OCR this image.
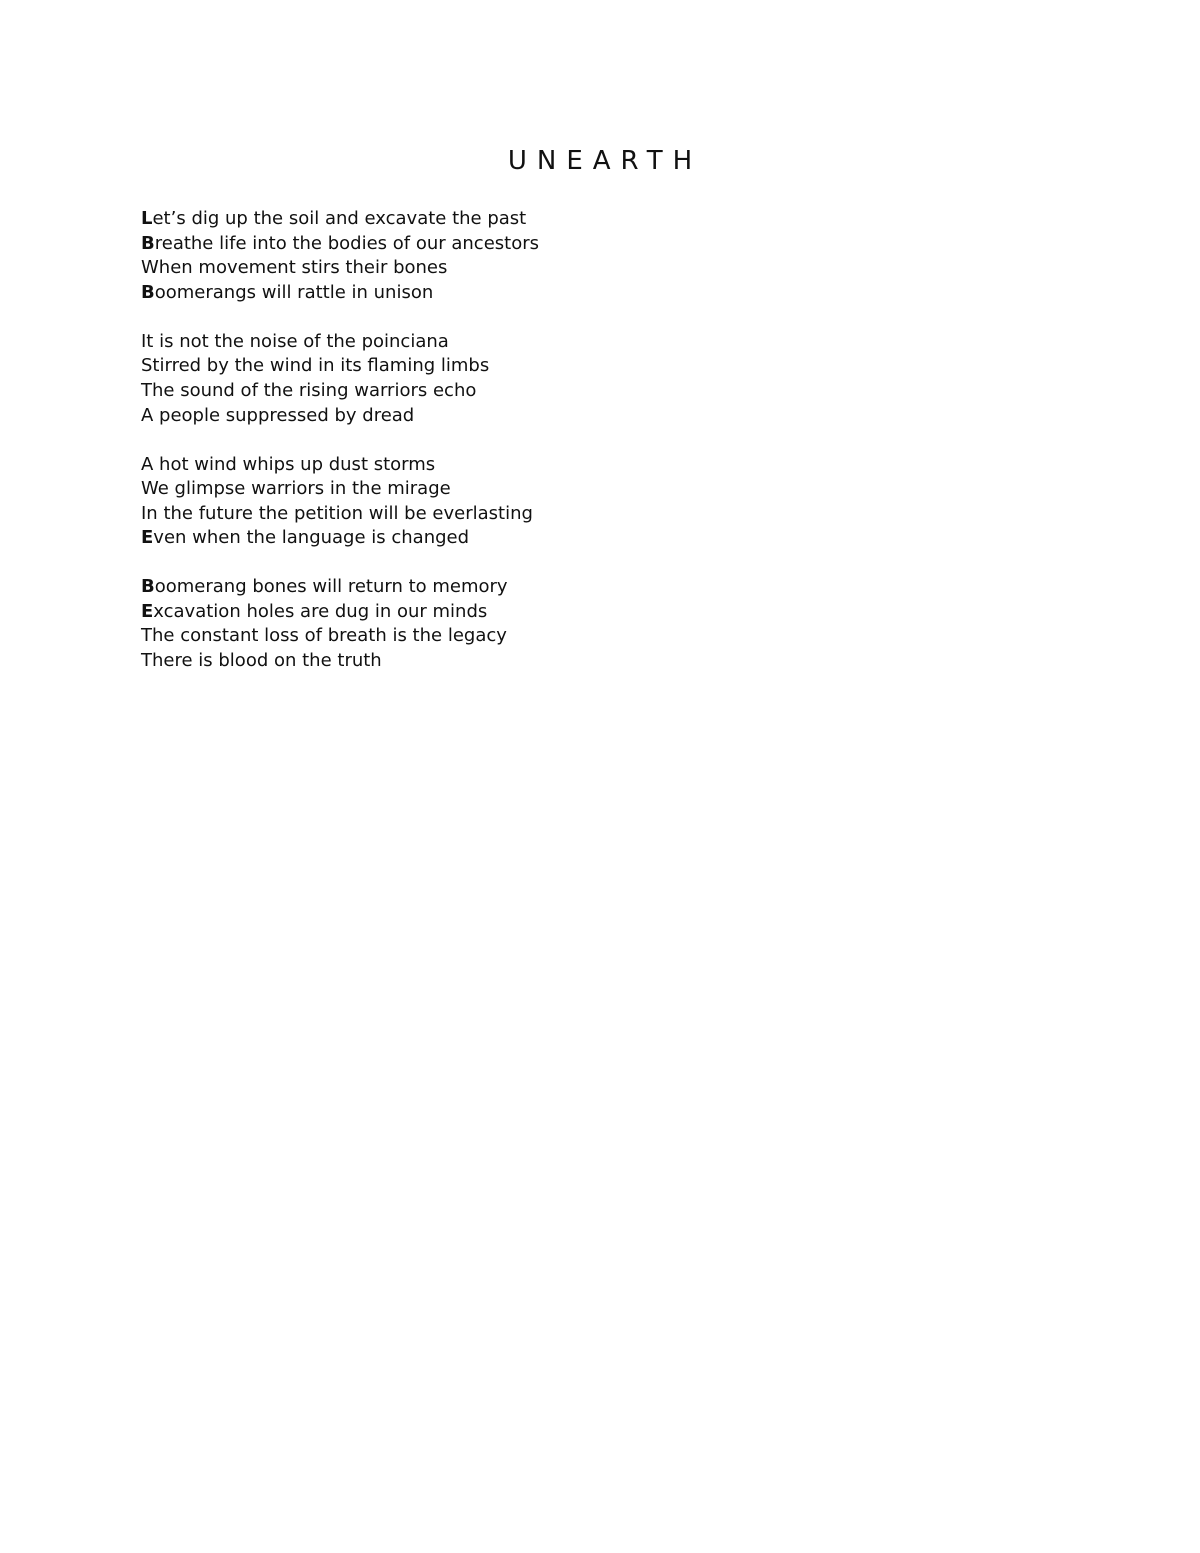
UNEARTH
Let’s dig up the soil and excavate the past
Breathe life into the bodies of our ancestors
When movement stirs their bones
Boomerangs will rattle in unison
It is not the noise of the poinciana
Stirred by the wind in its flaming limbs
The sound of the rising warriors echo
A people suppressed by dread
A hot wind whips up dust storms
We glimpse warriors in the mirage
In the future the petition will be everlasting
Even when the language is changed
Boomerang bones will return to memory
Excavation holes are dug in our minds
The constant loss of breath is the legacy
There is blood on the truth
